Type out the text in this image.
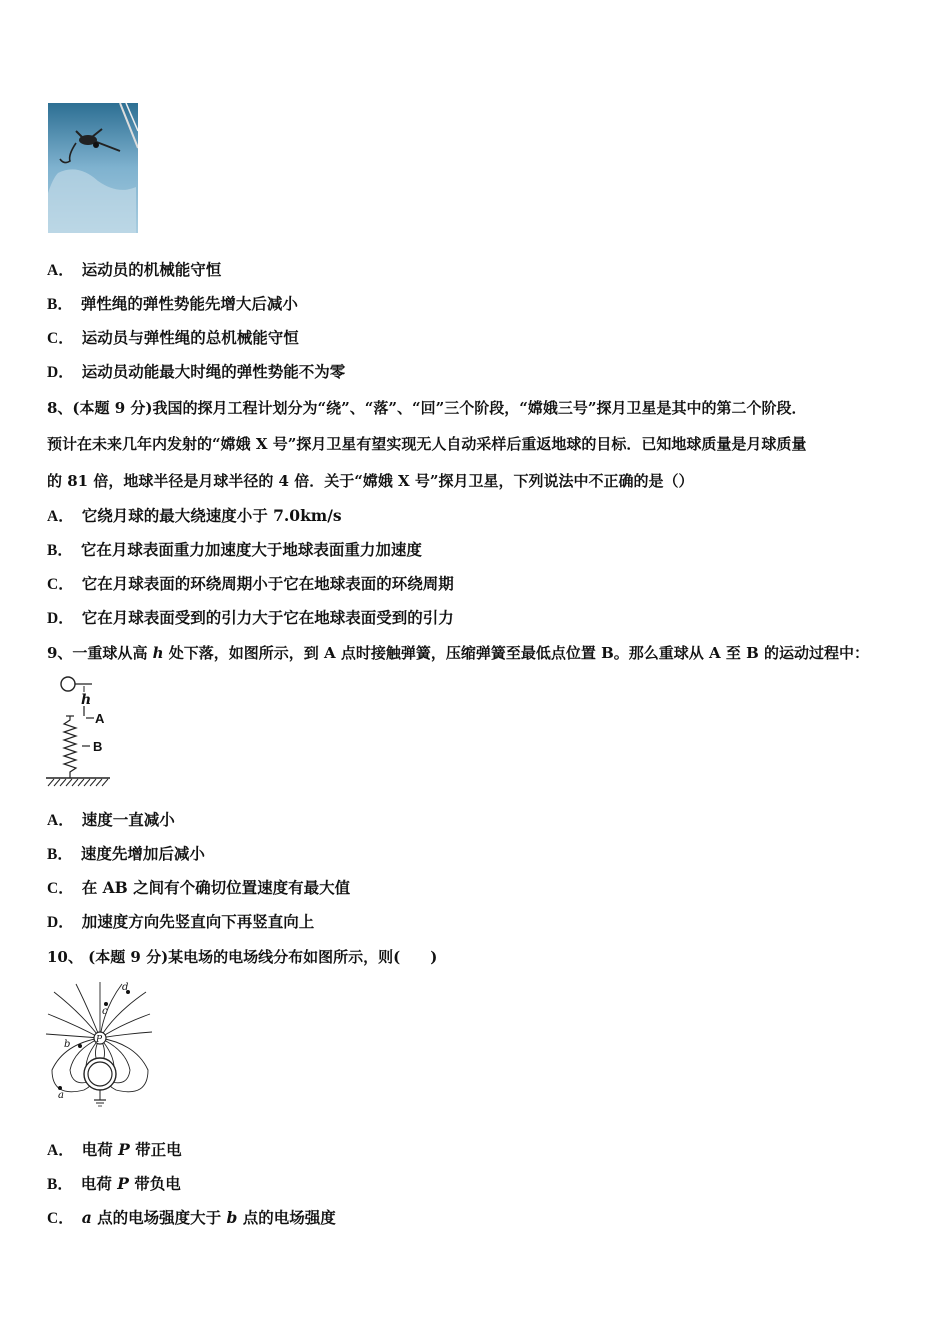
A． 运动员的机械能守恒
B． 弹性绳的弹性势能先增大后减小
C． 运动员与弹性绳的总机械能守恒
D． 运动员动能最大时绳的弹性势能不为零
8、(本题 9 分)我国的探月工程计划分为“绕”、“落”、“回”三个阶段，“嫦娥三号”探月卫星是其中的第二个阶段．
预计在未来几年内发射的“嫦娥 X 号”探月卫星有望实现无人自动采样后重返地球的目标．已知地球质量是月球质量
的 81 倍，地球半径是月球半径的 4 倍．关于“嫦娥 X 号”探月卫星，下列说法中不正确的是（）
A． 它绕月球的最大绕速度小于 7.0km/s
B． 它在月球表面重力加速度大于地球表面重力加速度
C． 它在月球表面的环绕周期小于它在地球表面的环绕周期
D． 它在月球表面受到的引力大于它在地球表面受到的引力
9、一重球从高 h 处下落，如图所示，到 A 点时接触弹簧，压缩弹簧至最低点位置 B。那么重球从 A 至 B 的运动过程中：
h
A
B
A． 速度一直减小
B． 速度先增加后减小
C． 在 AB 之间有个确切位置速度有最大值
D． 加速度方向先竖直向下再竖直向上
10、 (本题 9 分)某电场的电场线分布如图所示，则(　　)
P
a
b
c
d
A． 电荷 P 带正电
B． 电荷 P 带负电
C． a 点的电场强度大于 b 点的电场强度
